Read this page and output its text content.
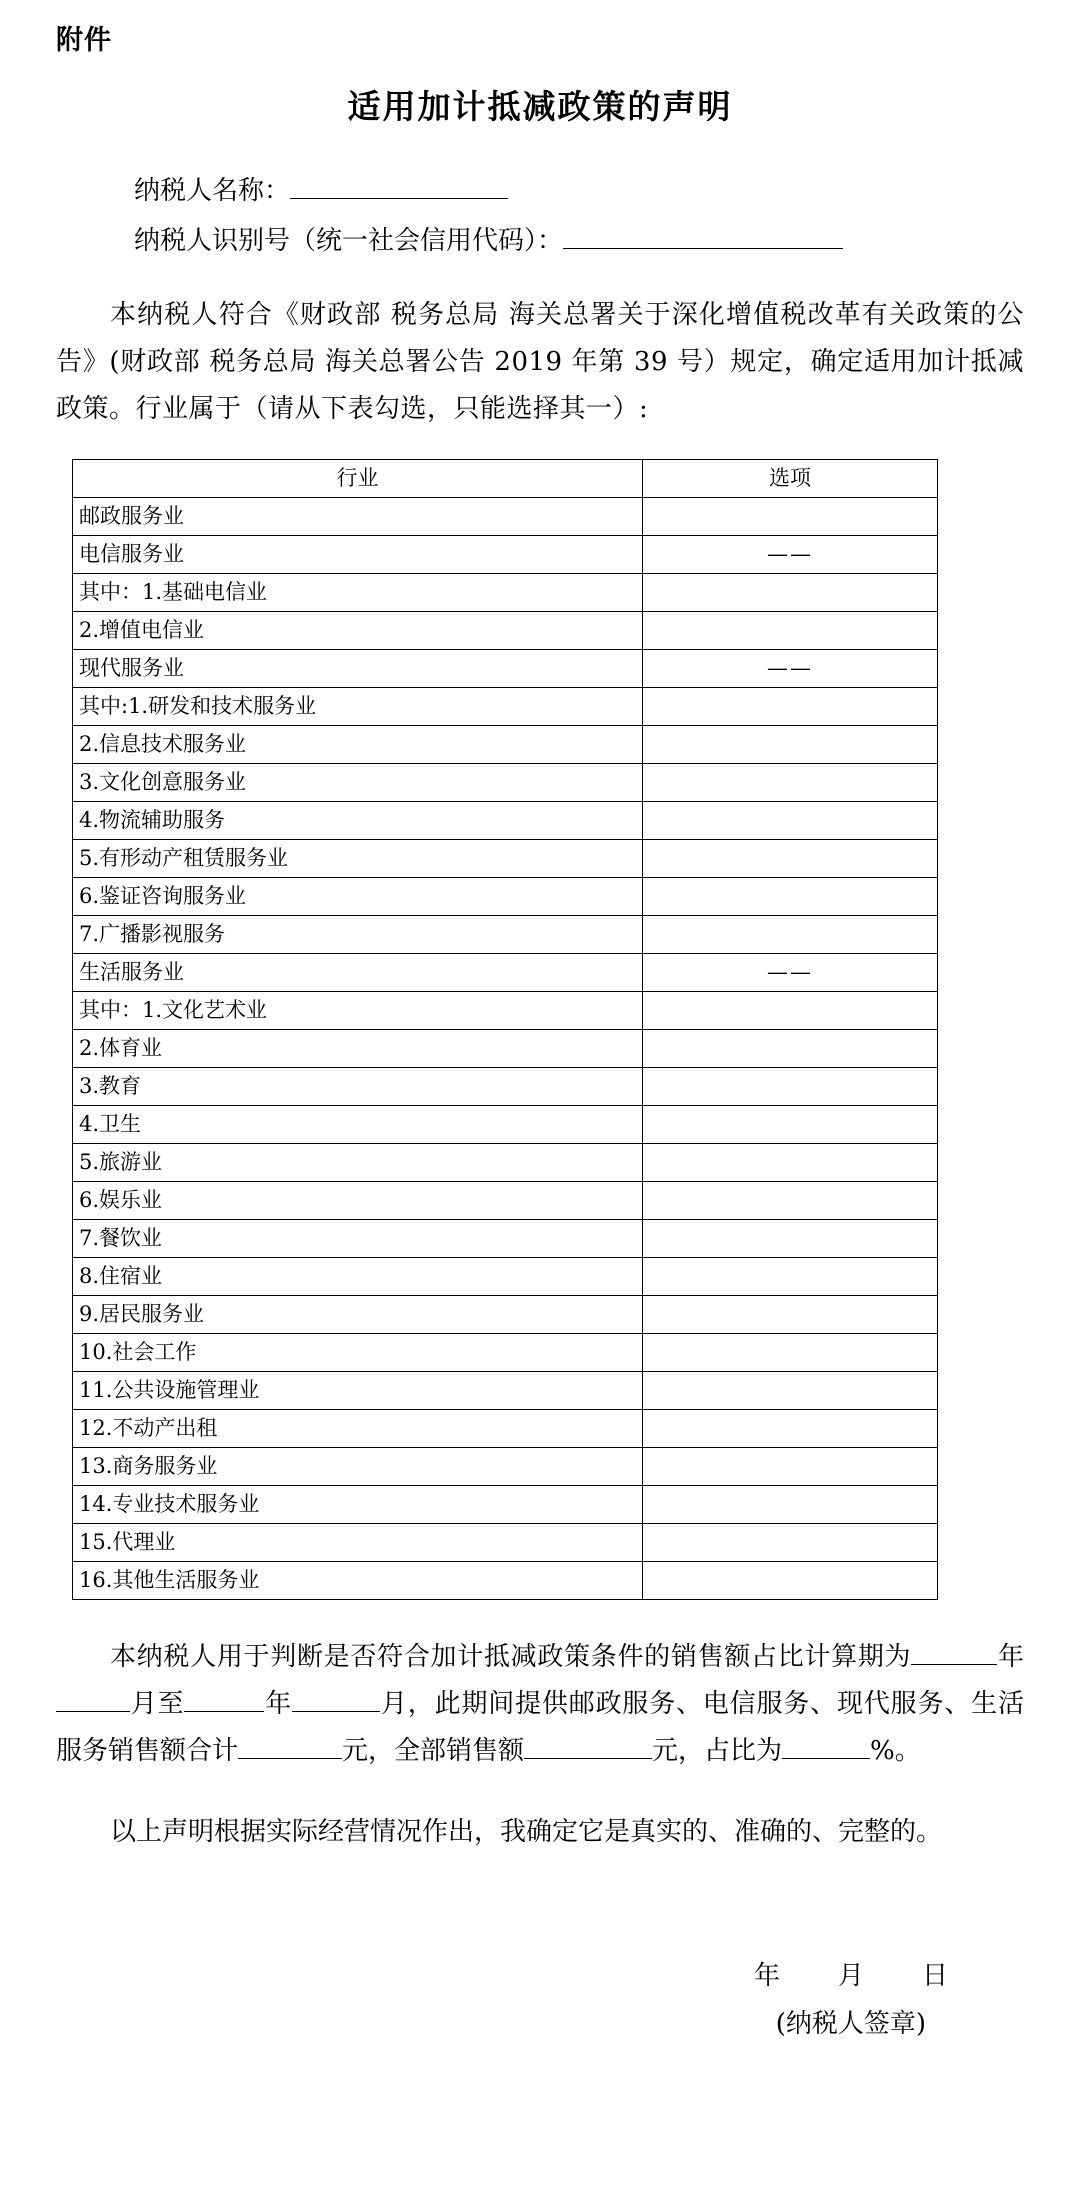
附件
适用加计抵减政策的声明
纳税人名称：
纳税人识别号（统一社会信用代码）：

本纳税人符合《财政部 税务总局 海关总署关于深化增值税改革有关政策的公告》(财政部 税务总局 海关总署公告 2019 年第 39 号）规定，确定适用加计抵减政策。行业属于（请从下表勾选，只能选择其一）:

行业	选项
邮政服务业	
电信服务业	——
其中：1.基础电信业	
2.增值电信业	
现代服务业	——
其中:1.研发和技术服务业	
2.信息技术服务业	
3.文化创意服务业	
4.物流辅助服务	
5.有形动产租赁服务业	
6.鉴证咨询服务业	
7.广播影视服务	
生活服务业	——
其中：1.文化艺术业	
2.体育业	
3.教育	
4.卫生	
5.旅游业	
6.娱乐业	
7.餐饮业	
8.住宿业	
9.居民服务业	
10.社会工作	
11.公共设施管理业	
12.不动产出租	
13.商务服务业	
14.专业技术服务业	
15.代理业	
16.其他生活服务业	

本纳税人用于判断是否符合加计抵减政策条件的销售额占比计算期为	年月至	年	月，此期间提供邮政服务、电信服务、现代服务、生活服务销售额合计	元，全部销售额	元，占比为	%。

以上声明根据实际经营情况作出，我确定它是真实的、准确的、完整的。

年 月 日
(纳税人签章)
